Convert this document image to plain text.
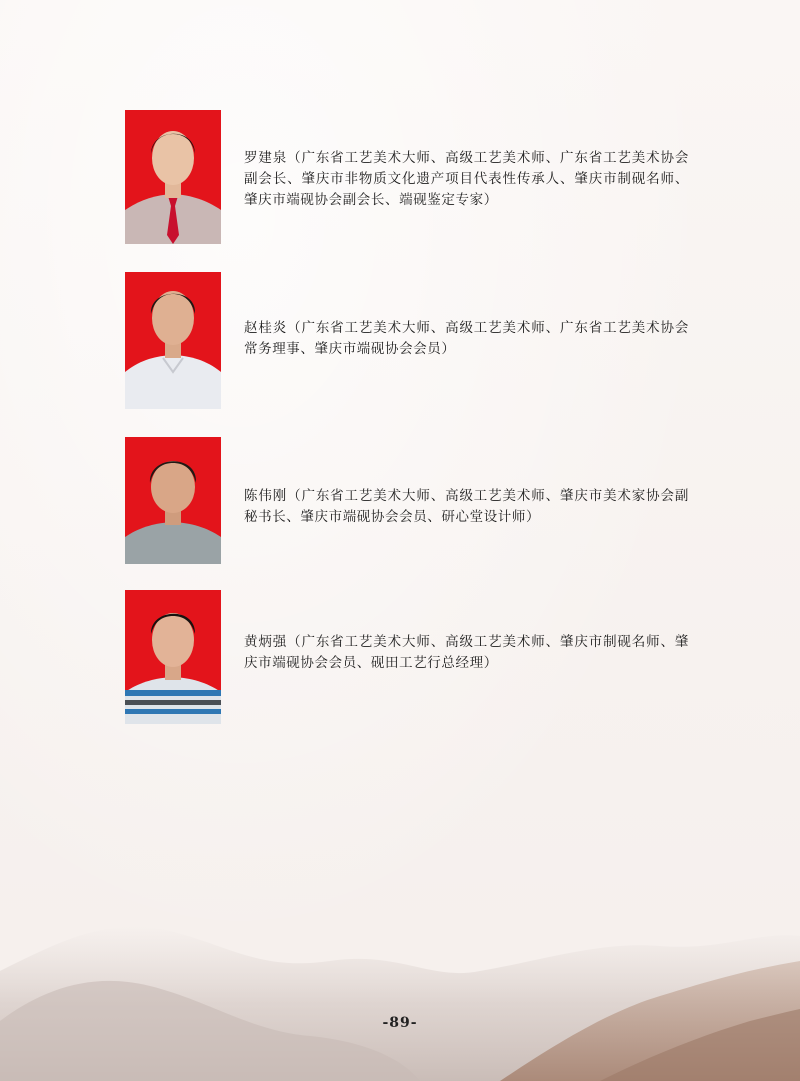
罗建泉（广东省工艺美术大师、高级工艺美术师、广东省工艺美术协会副会长、肇庆市非物质文化遗产项目代表性传承人、肇庆市制砚名师、肇庆市端砚协会副会长、端砚鉴定专家）
赵桂炎（广东省工艺美术大师、高级工艺美术师、广东省工艺美术协会常务理事、肇庆市端砚协会会员）
陈伟刚（广东省工艺美术大师、高级工艺美术师、肇庆市美术家协会副秘书长、肇庆市端砚协会会员、研心堂设计师）
黄炳强（广东省工艺美术大师、高级工艺美术师、肇庆市制砚名师、肇庆市端砚协会会员、砚田工艺行总经理）
-89-
